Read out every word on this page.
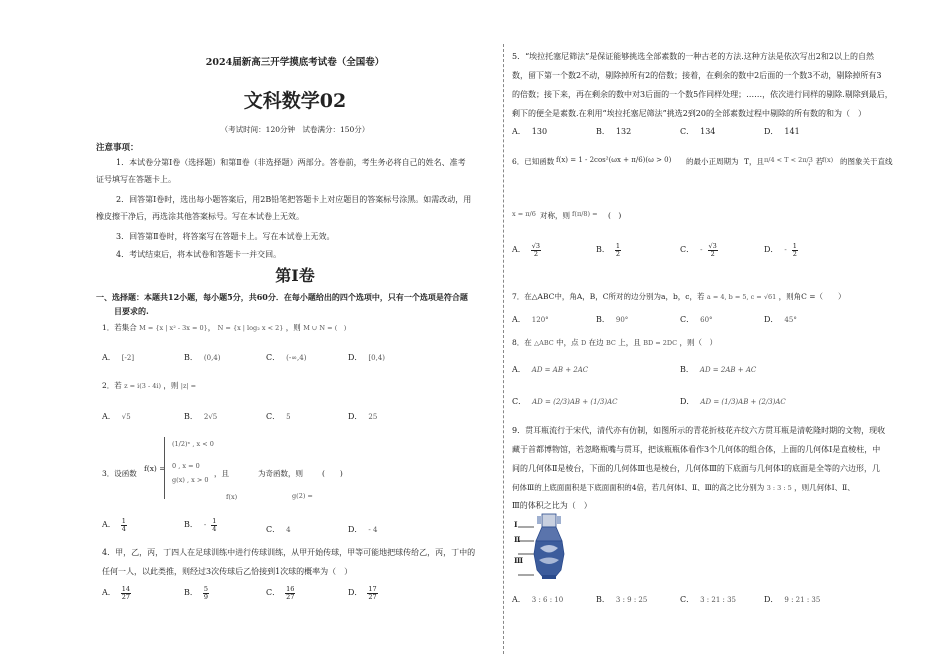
2024届新高三开学摸底考试卷（全国卷）
文科数学02
（考试时间：120分钟　试卷满分：150分）
注意事项：
1．本试卷分第Ⅰ卷（选择题）和第Ⅱ卷（非选择题）两部分。答卷前，考生务必将自己的姓名、准考
证号填写在答题卡上。
2．回答第Ⅰ卷时，选出每小题答案后，用2B铅笔把答题卡上对应题目的答案标号涂黑。如需改动，用
橡皮擦干净后，再选涂其他答案标号。写在本试卷上无效。
3．回答第Ⅱ卷时，将答案写在答题卡上。写在本试卷上无效。
4．考试结束后，将本试卷和答题卡一并交回。
第Ⅰ卷
一、选择题：本题共12小题，每小题5分，共60分．在每小题给出的四个选项中，只有一个选项是符合题
目要求的.
1．若集合 M = {x | x² - 3x = 0}， N = {x | log₂ x < 2} ，则 M ∪ N = (　)
A． [-2]	B． (0,4)	C． (-∞,4)	D． [0,4)
2．若 z = i(3 - 4i) ，则 |z| =
A． √5	B． 2√5	C． 5	D． 25
3．设函数
f(x) =
(1/2)ˣ , x < 0
0 , x = 0
g(x) , x > 0
，且	为奇函数，则	(　　)
f(x)	g(2) =
A． $\frac{1}{4}$	B． - $\frac{1}{4}$	C． 4	D． - 4
4．甲，乙，丙，丁四人在足球训练中进行传球训练，从甲开始传球，甲等可能地把球传给乙，丙，丁中的
任何一人，以此类推，则经过3次传球后乙恰接到1次球的概率为（　）
A． $\frac{14}{27}$	B． $\frac{5}{9}$	C． $\frac{16}{27}$	D． $\frac{17}{27}$
5．“埃拉托塞尼筛法”是保证能够挑选全部素数的一种古老的方法.这种方法是依次写出2和2以上的自然
数，留下第一个数2不动，剔除掉所有2的倍数；接着，在剩余的数中2后面的一个数3不动，剔除掉所有3
的倍数；接下来，再在剩余的数中对3后面的一个数5作同样处理；……，依次进行同样的剔除.剔除到最后，
剩下的便全是素数.在利用“埃拉托塞尼筛法”挑选2到20的全部素数过程中剔除的所有数的和为（　）
A． 130	B． 132	C． 134	D． 141
6．已知函数 f(x) = 1 - 2cos²(ωx + π/6)(ω > 0) 的最小正周期为 T，且 π/4 < T < 2π/3
，若 f(x) 的图象关于直线
x = π/6 对称，则 f(π/8) = (　)
A． $\frac{√3}{2}$	B． $\frac{1}{2}$	C． - $\frac{√3}{2}$	D． - $\frac{1}{2}$
7．在△ABC中，角A，B，C所对的边分别为a，b，c，若 a = 4, b = 5, c = √61 ，则角C =（　　）
A． 120°	B． 90°	C． 60°	D． 45°
8．在 △ABC 中，点 D 在边 BC 上，且 BD = 2DC ，则（　）
A． AD = AB + 2AC	B． AD = 2AB + AC
C． AD = (2/3)AB + (1/3)AC	D． AD = (1/3)AB + (2/3)AC
9．贯耳瓶流行于宋代，清代亦有仿制，如图所示的青花折枝花卉纹六方贯耳瓶是清乾隆时期的文物，现收
藏于首都博物馆，若忽略瓶嘴与贯耳，把该瓶瓶体看作3个几何体的组合体，上面的几何体Ⅰ是直棱柱，中
间的几何体Ⅱ是棱台，下面的几何体Ⅲ也是棱台，几何体Ⅲ的下底面与几何体Ⅰ的底面是全等的六边形，几
何体Ⅲ的上底面面积是下底面面积的4倍，若几何体Ⅰ、Ⅱ、Ⅲ的高之比分别为 3 : 3 : 5 ，则几何体Ⅰ、Ⅱ、
Ⅲ的体积之比为（　）
Ⅰ
Ⅱ
Ⅲ
A． 3 : 6 : 10	B． 3 : 9 : 25	C． 3 : 21 : 35	D． 9 : 21 : 35
